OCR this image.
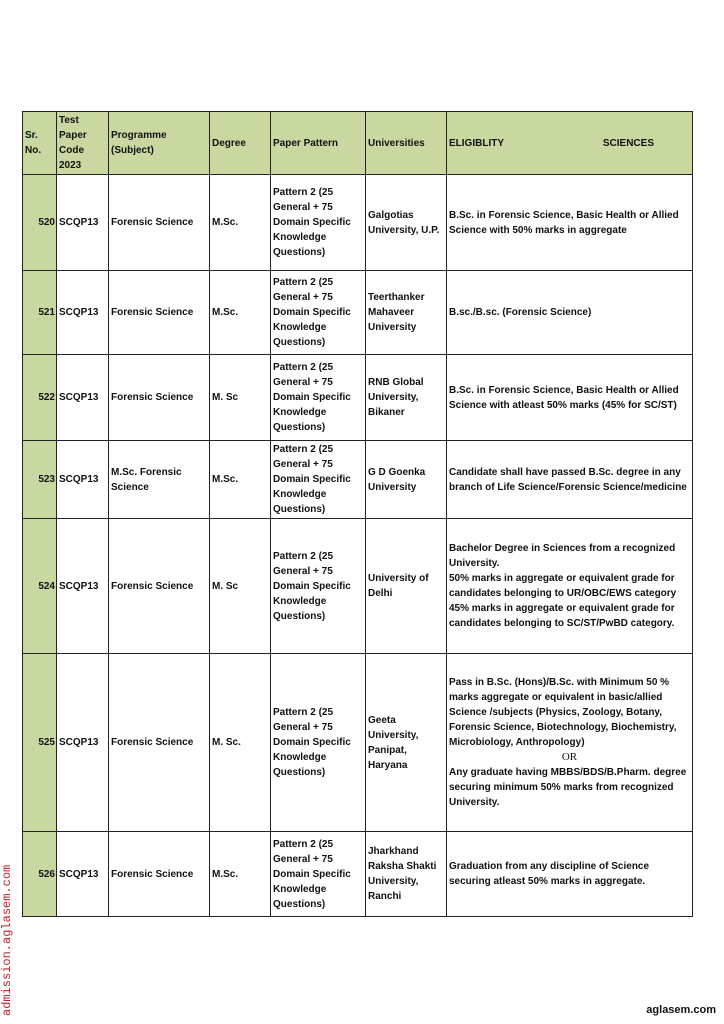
Sr. No.	Test Paper Code 2023	Programme (Subject)	Degree	Paper Pattern	Universities	ELIGIBLITY SCIENCES

520	SCQP13	Forensic Science	M.Sc.	Pattern 2 (25 General + 75 Domain Specific Knowledge Questions)	Galgotias University, U.P.	B.Sc. in Forensic Science, Basic Health or Allied Science with 50% marks in aggregate

521	SCQP13	Forensic Science	M.Sc.	Pattern 2 (25 General + 75 Domain Specific Knowledge Questions)	Teerthanker Mahaveer University	B.sc./B.sc. (Forensic Science)

522	SCQP13	Forensic Science	M. Sc	Pattern 2 (25 General + 75 Domain Specific Knowledge Questions)	RNB Global University, Bikaner	B.Sc. in Forensic Science, Basic Health or Allied Science with atleast 50% marks (45% for SC/ST)

523	SCQP13	M.Sc. Forensic Science	M.Sc.	Pattern 2 (25 General + 75 Domain Specific Knowledge Questions)	G D Goenka University	Candidate shall have passed B.Sc. degree in any branch of Life Science/Forensic Science/medicine

524	SCQP13	Forensic Science	M. Sc	Pattern 2 (25 General + 75 Domain Specific Knowledge Questions)	University of Delhi	Bachelor Degree in Sciences from a recognized University.
50% marks in aggregate or equivalent grade for candidates belonging to UR/OBC/EWS category
45% marks in aggregate or equivalent grade for candidates belonging to SC/ST/PwBD category.

525	SCQP13	Forensic Science	M. Sc.	Pattern 2 (25 General + 75 Domain Specific Knowledge Questions)	Geeta University, Panipat, Haryana	Pass in B.Sc. (Hons)/B.Sc. with Minimum 50 % marks aggregate or equivalent in basic/allied Science /subjects (Physics, Zoology, Botany, Forensic Science, Biotechnology, Biochemistry, Microbiology, Anthropology)
OR
Any graduate having MBBS/BDS/B.Pharm. degree securing minimum 50% marks from recognized University.

526	SCQP13	Forensic Science	M.Sc.	Pattern 2 (25 General + 75 Domain Specific Knowledge Questions)	Jharkhand Raksha Shakti University, Ranchi	Graduation from any discipline of Science securing atleast 50% marks in aggregate.
admission.aglasem.com	aglasem.com
